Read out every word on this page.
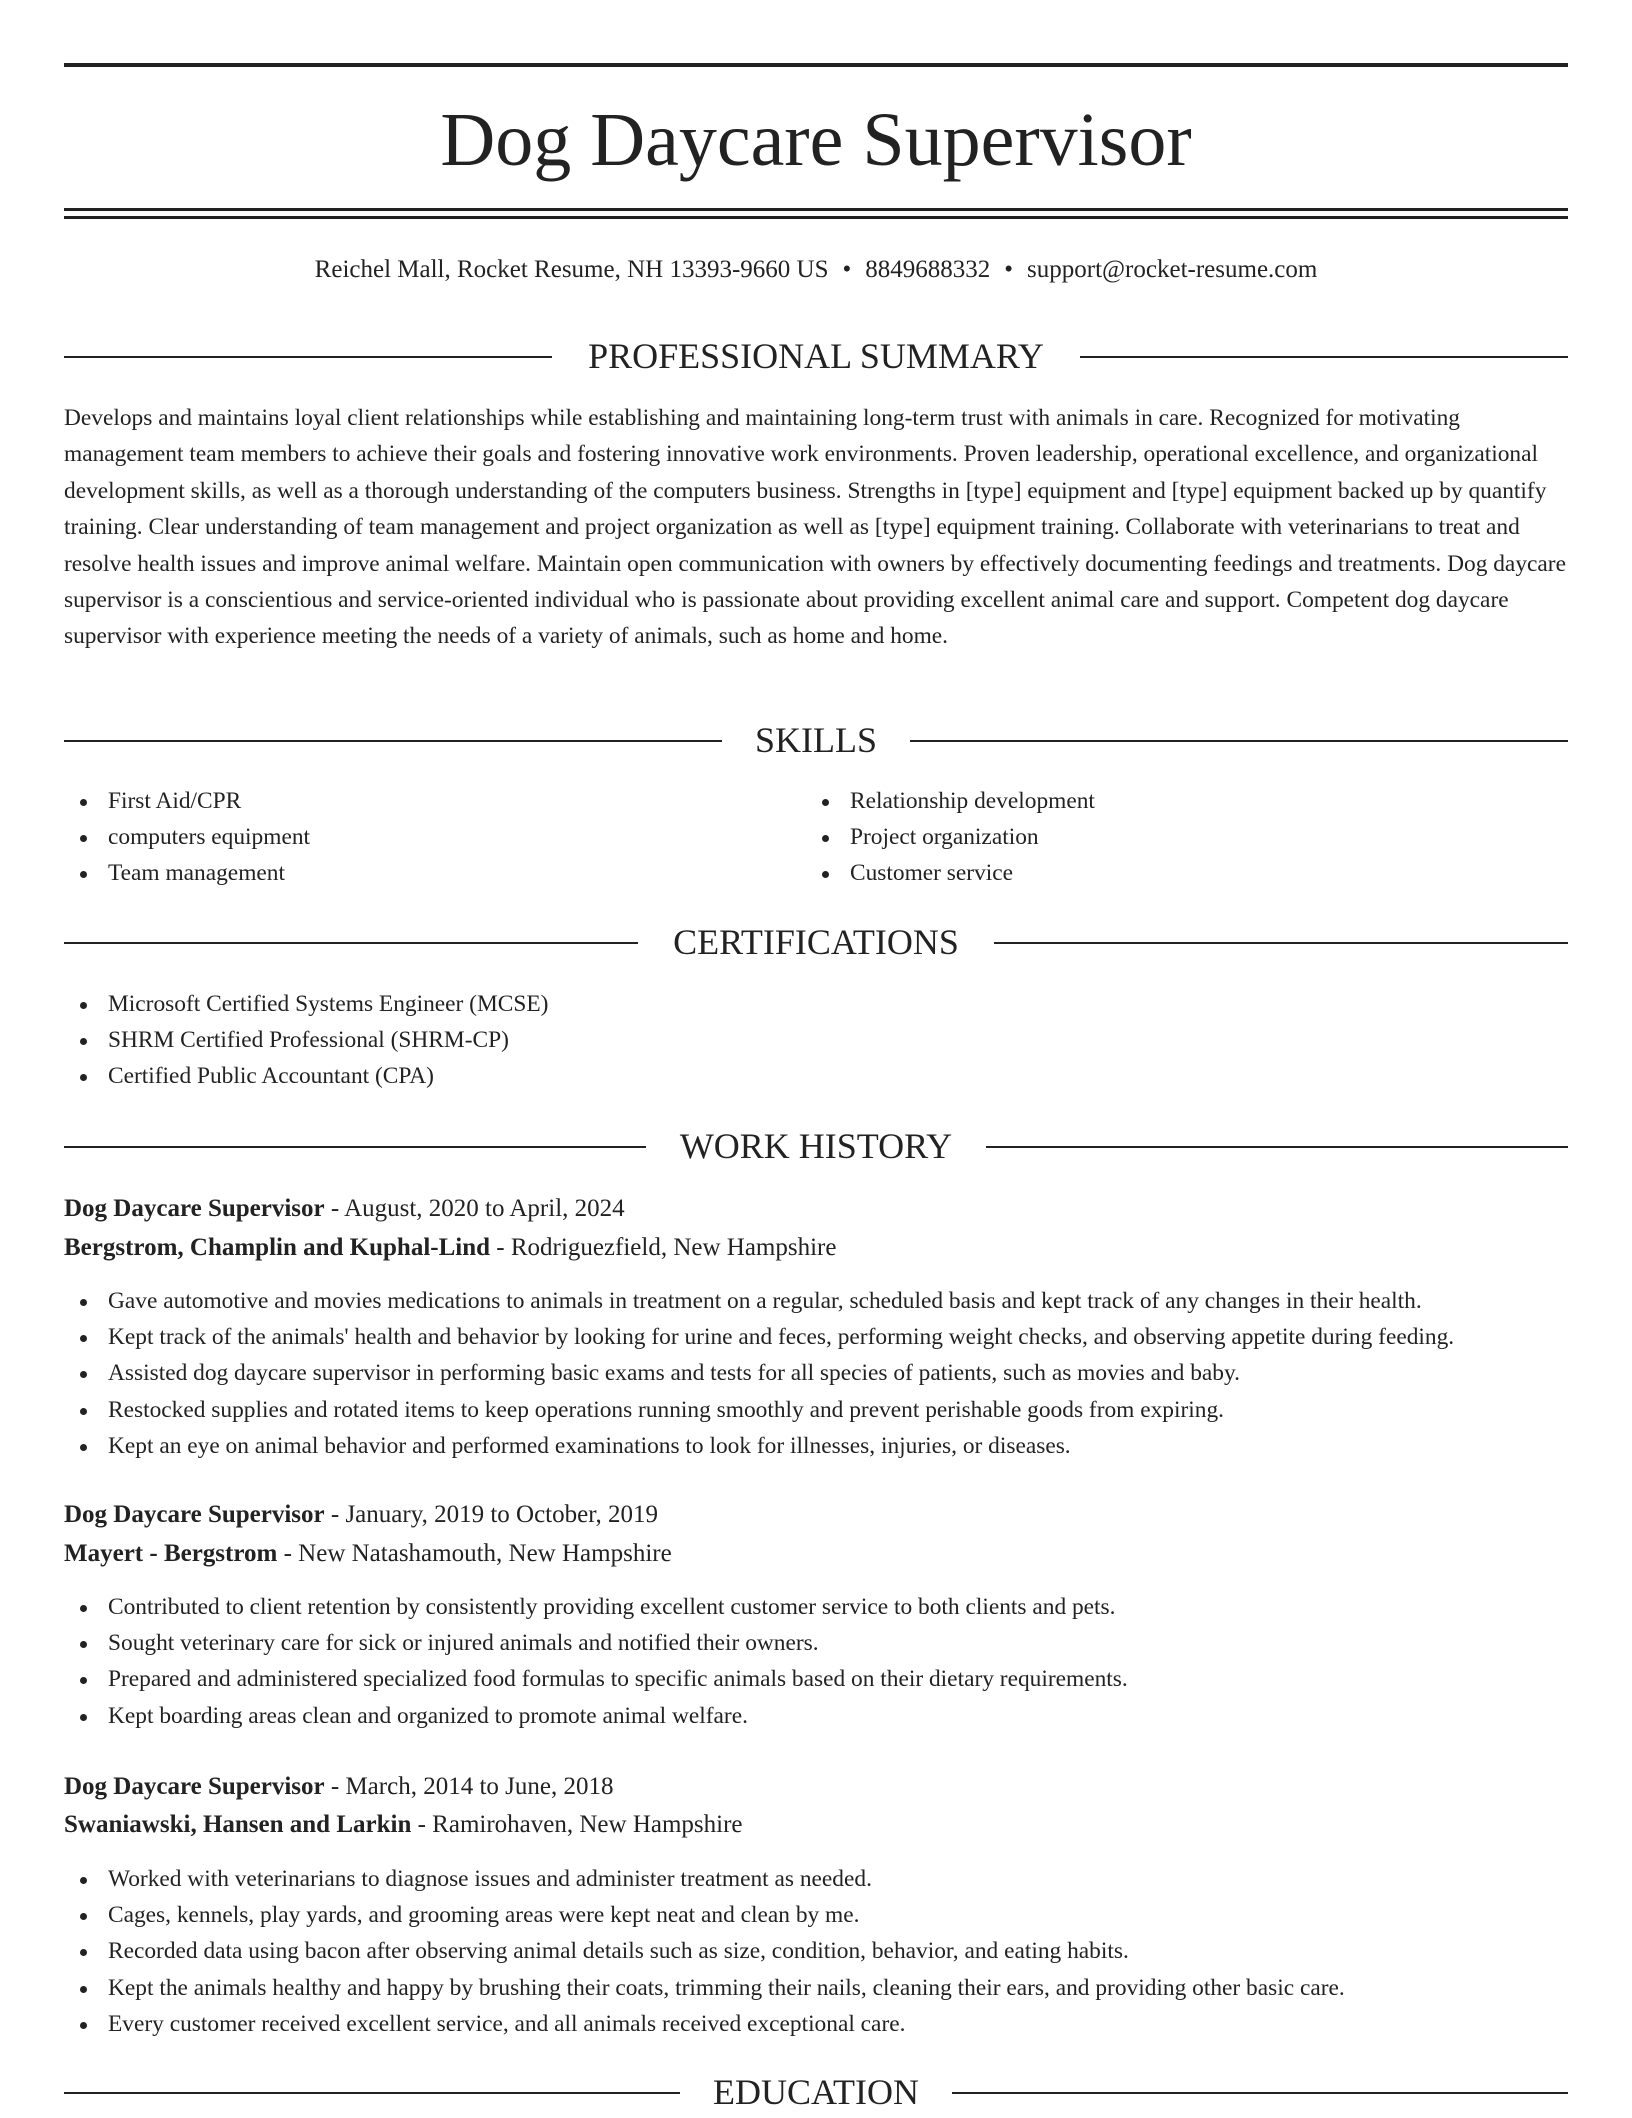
Dog Daycare Supervisor
Reichel Mall, Rocket Resume, NH 13393-9660 US • 8849688332 • support@rocket-resume.com
PROFESSIONAL SUMMARY

Develops and maintains loyal client relationships while establishing and maintaining long-term trust with animals in care. Recognized for motivating management team members to achieve their goals and fostering innovative work environments. Proven leadership, operational excellence, and organizational development skills, as well as a thorough understanding of the computers business. Strengths in [type] equipment and [type] equipment backed up by quantify training. Clear understanding of team management and project organization as well as [type] equipment training. Collaborate with veterinarians to treat and resolve health issues and improve animal welfare. Maintain open communication with owners by effectively documenting feedings and treatments. Dog daycare supervisor is a conscientious and service-oriented individual who is passionate about providing excellent animal care and support. Competent dog daycare supervisor with experience meeting the needs of a variety of animals, such as home and home.

SKILLS
First Aid/CPR
computers equipment
Team management
Relationship development
Project organization
Customer service
CERTIFICATIONS
Microsoft Certified Systems Engineer (MCSE)
SHRM Certified Professional (SHRM-CP)
Certified Public Accountant (CPA)
WORK HISTORY
Dog Daycare Supervisor - August, 2020 to April, 2024
Bergstrom, Champlin and Kuphal-Lind - Rodriguezfield, New Hampshire
Gave automotive and movies medications to animals in treatment on a regular, scheduled basis and kept track of any changes in their health.
Kept track of the animals' health and behavior by looking for urine and feces, performing weight checks, and observing appetite during feeding.
Assisted dog daycare supervisor in performing basic exams and tests for all species of patients, such as movies and baby.
Restocked supplies and rotated items to keep operations running smoothly and prevent perishable goods from expiring.
Kept an eye on animal behavior and performed examinations to look for illnesses, injuries, or diseases.
Dog Daycare Supervisor - January, 2019 to October, 2019
Mayert - Bergstrom - New Natashamouth, New Hampshire
Contributed to client retention by consistently providing excellent customer service to both clients and pets.
Sought veterinary care for sick or injured animals and notified their owners.
Prepared and administered specialized food formulas to specific animals based on their dietary requirements.
Kept boarding areas clean and organized to promote animal welfare.
Dog Daycare Supervisor - March, 2014 to June, 2018
Swaniawski, Hansen and Larkin - Ramirohaven, New Hampshire
Worked with veterinarians to diagnose issues and administer treatment as needed.
Cages, kennels, play yards, and grooming areas were kept neat and clean by me.
Recorded data using bacon after observing animal details such as size, condition, behavior, and eating habits.
Kept the animals healthy and happy by brushing their coats, trimming their nails, cleaning their ears, and providing other basic care.
Every customer received excellent service, and all animals received exceptional care.
EDUCATION
